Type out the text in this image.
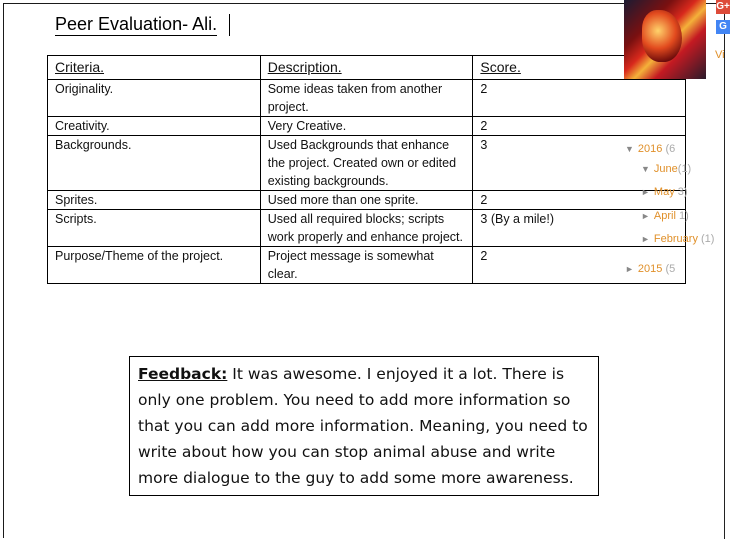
Peer Evaluation- Ali.
Criteria.	Description.	Score.
Originality.	Some ideas taken from another project.	2
Creativity.	Very Creative.	2
Backgrounds.	Used Backgrounds that enhance the project. Created own or edited existing backgrounds.	3
Sprites.	Used more than one sprite.	2
Scripts.	Used all required blocks; scripts work properly and enhance project.	3 (By a mile!)
Purpose/Theme of the project.	Project message is somewhat clear.	2
G+
G
Vi
▼ 2016 (6
▼ June(1)
► May 3)
► April 1)
► February (1)
► 2015 (5
Feedback: It was awesome. I enjoyed it a lot. There is only one problem. You need to add more information so that you can add more information. Meaning, you need to write about how you can stop animal abuse and write more dialogue to the guy to add some more awareness.
